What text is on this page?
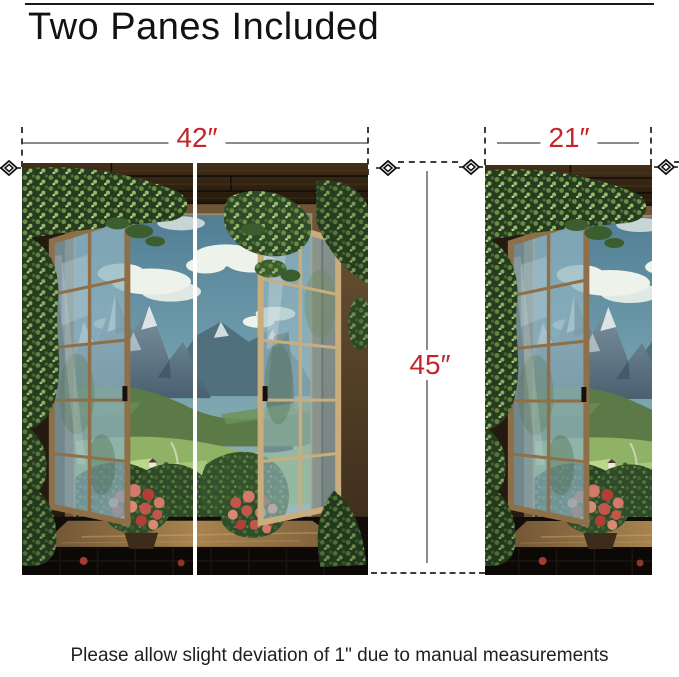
Two Panes Included
42″	21″
45″
Please allow slight deviation of 1" due to manual measurements
